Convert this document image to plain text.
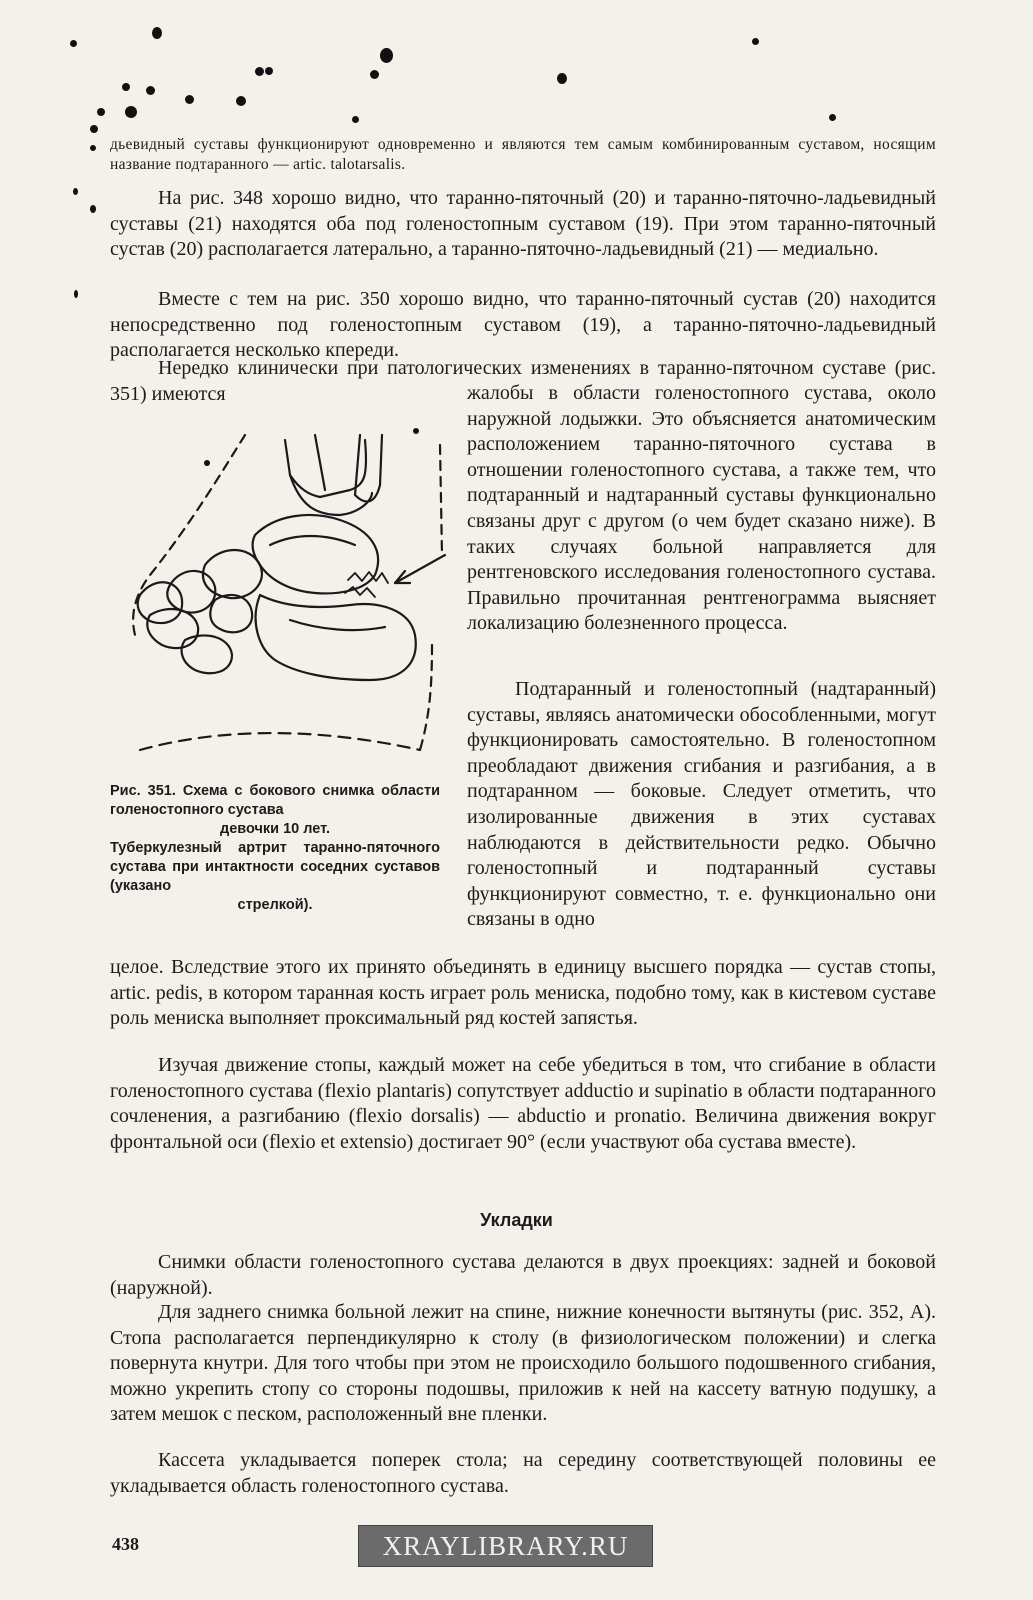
дьевидный суставы функционируют одновременно и являются тем самым комбинированным суставом, носящим название подтаранного — artic. talotarsalis.

На рис. 348 хорошо видно, что таранно-пяточный (20) и таранно-пяточно-ладьевидный суставы (21) находятся оба под голеностопным суставом (19). При этом таранно-пяточный сустав (20) располагается латерально, а таранно-пяточно-ладьевидный (21) — медиально.

Вместе с тем на рис. 350 хорошо видно, что таранно-пяточный сустав (20) находится непосредственно под голеностопным суставом (19), а таранно-пяточно-ладьевидный располагается несколько кпереди.

Нередко клинически при патологических изменениях в таранно-пяточном суставе (рис. 351) имеются	жалобы в области голеностопного сустава, около наружной лодыжки. Это объясняется анатомическим расположением таранно-пяточного сустава в отношении голеностопного сустава, а также тем, что подтаранный и надтаранный суставы функционально связаны друг с другом (о чем будет сказано ниже). В таких случаях больной направляется для рентгеновского исследования голеностопного сустава. Правильно прочитанная рентгенограмма выясняет локализацию болезненного процесса.

Подтаранный и голеностопный (надтаранный) суставы, являясь анатомически обособленными, могут функционировать самостоятельно. В голеностопном преобладают движения сгибания и разгибания, а в подтаранном — боковые. Следует отметить, что изолированные движения в этих суставах наблюдаются в действительности редко. Обычно голеностопный и подтаранный суставы функционируют совместно, т. е. функционально они связаны в одно

Рис. 351. Схема с бокового снимка области голеностопного сустава
девочки 10 лет.
Туберкулезный артрит таранно-пяточного сустава при интактности соседних суставов (указано
стрелкой).

целое. Вследствие этого их принято объединять в единицу высшего порядка — сустав стопы, artic. pedis, в котором таранная кость играет роль мениска, подобно тому, как в кистевом суставе роль мениска выполняет проксимальный ряд костей запястья.

Изучая движение стопы, каждый может на себе убедиться в том, что сгибание в области голеностопного сустава (flexio plantaris) сопутствует adductio и supinatio в области подтаранного сочленения, а разгибанию (flexio dorsalis) — abductio и pronatio. Величина движения вокруг фронтальной оси (flexio et extensio) достигает 90° (если участвуют оба сустава вместе).

Укладки

Снимки области голеностопного сустава делаются в двух проекциях: задней и боковой (наружной).

Для заднего снимка больной лежит на спине, нижние конечности вытянуты (рис. 352, А). Стопа располагается перпендикулярно к столу (в физиологическом положении) и слегка повернута кнутри. Для того чтобы при этом не происходило большого подошвенного сгибания, можно укрепить стопу со стороны подошвы, приложив к ней на кассету ватную подушку, а затем мешок с песком, расположенный вне пленки.

Кассета укладывается поперек стола; на середину соответствующей половины ее укладывается область голеностопного сустава.

438	XRAYLIBRARY.RU
